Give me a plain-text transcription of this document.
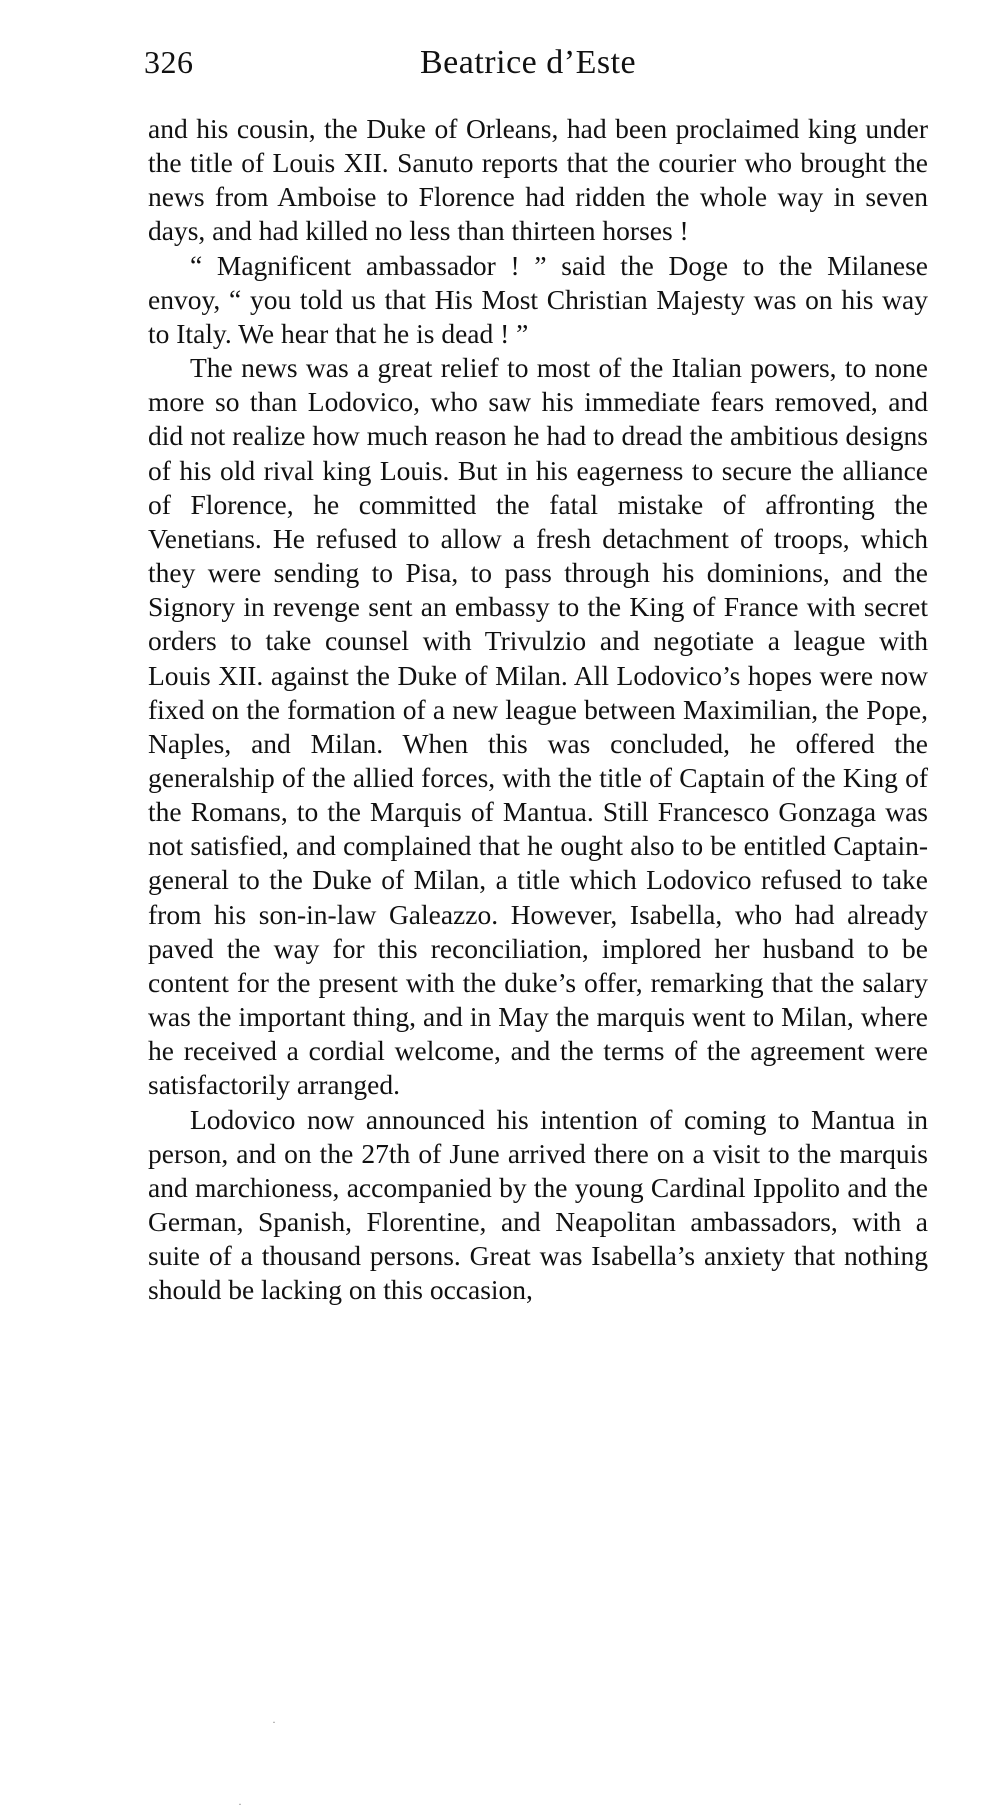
326	Beatrice d’Este

and his cousin, the Duke of Orleans, had been proclaimed king under the title of Louis XII. Sanuto reports that the courier who brought the news from Amboise to Florence had ridden the whole way in seven days, and had killed no less than thirteen horses !

“ Magnificent ambassador ! ” said the Doge to the Milanese envoy, “ you told us that His Most Christian Majesty was on his way to Italy. We hear that he is dead ! ”

The news was a great relief to most of the Italian powers, to none more so than Lodovico, who saw his immediate fears removed, and did not realize how much reason he had to dread the ambitious designs of his old rival king Louis. But in his eagerness to secure the alliance of Florence, he committed the fatal mistake of affronting the Venetians. He refused to allow a fresh detachment of troops, which they were sending to Pisa, to pass through his dominions, and the Signory in revenge sent an embassy to the King of France with secret orders to take counsel with Trivulzio and negotiate a league with Louis XII. against the Duke of Milan. All Lodovico’s hopes were now fixed on the formation of a new league between Maximilian, the Pope, Naples, and Milan. When this was concluded, he offered the generalship of the allied forces, with the title of Captain of the King of the Romans, to the Marquis of Mantua. Still Francesco Gonzaga was not satisfied, and complained that he ought also to be entitled Captain-general to the Duke of Milan, a title which Lodovico refused to take from his son-in-law Galeazzo. However, Isabella, who had already paved the way for this reconciliation, implored her husband to be content for the present with the duke’s offer, remarking that the salary was the important thing, and in May the marquis went to Milan, where he received a cordial welcome, and the terms of the agreement were satisfactorily arranged.

Lodovico now announced his intention of coming to Mantua in person, and on the 27th of June arrived there on a visit to the marquis and marchioness, accompanied by the young Cardinal Ippolito and the German, Spanish, Florentine, and Neapolitan ambassadors, with a suite of a thousand persons. Great was Isabella’s anxiety that nothing should be lacking on this occasion,

·
·
